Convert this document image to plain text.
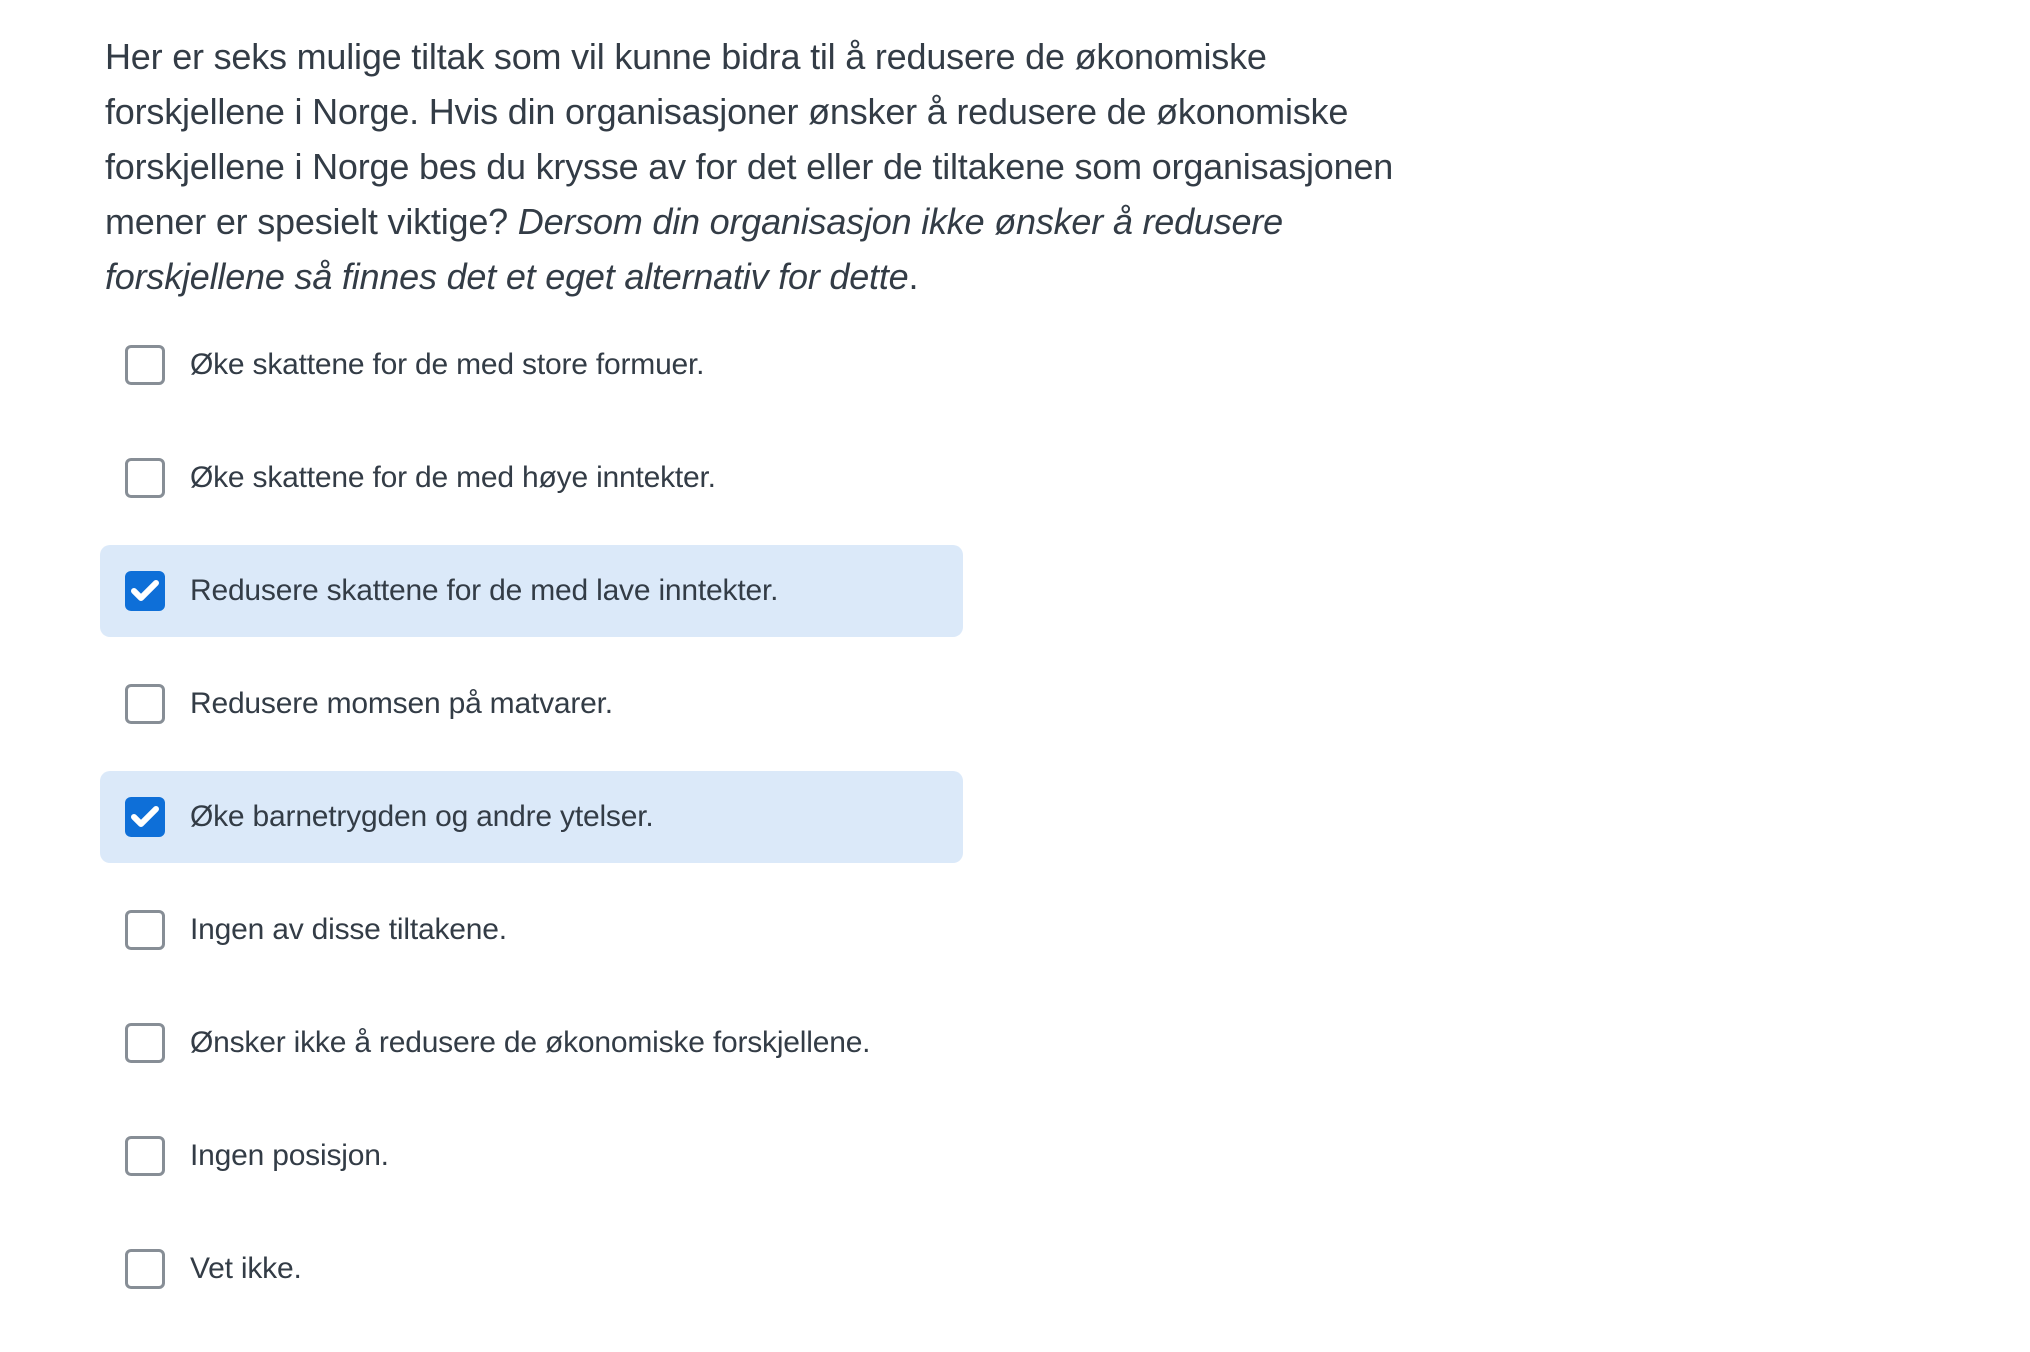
Her er seks mulige tiltak som vil kunne bidra til å redusere de økonomiske
forskjellene i Norge. Hvis din organisasjoner ønsker å redusere de økonomiske
forskjellene i Norge bes du krysse av for det eller de tiltakene som organisasjonen
mener er spesielt viktige? Dersom din organisasjon ikke ønsker å redusere
forskjellene så finnes det et eget alternativ for dette.
Øke skattene for de med store formuer.
Øke skattene for de med høye inntekter.
Redusere skattene for de med lave inntekter.
Redusere momsen på matvarer.
Øke barnetrygden og andre ytelser.
Ingen av disse tiltakene.
Ønsker ikke å redusere de økonomiske forskjellene.
Ingen posisjon.
Vet ikke.
